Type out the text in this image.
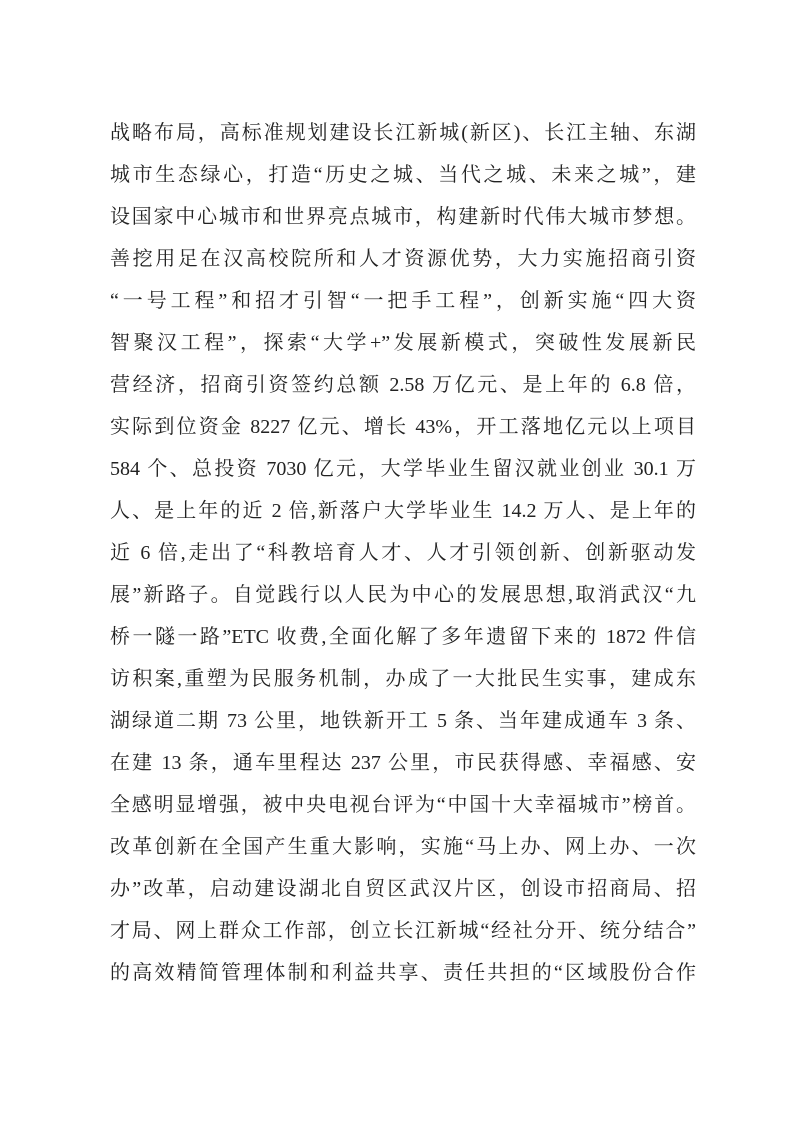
战略布局，高标准规划建设长江新城(新区)、长江主轴、东湖
城市生态绿心，打造“历史之城、当代之城、未来之城”，建
设国家中心城市和世界亮点城市，构建新时代伟大城市梦想。
善挖用足在汉高校院所和人才资源优势，大力实施招商引资
“一号工程”和招才引智“一把手工程”，创新实施“四大资
智聚汉工程”，探索“大学+”发展新模式，突破性发展新民
营经济，招商引资签约总额 2.58 万亿元、是上年的 6.8 倍，
实际到位资金 8227 亿元、增长 43%，开工落地亿元以上项目
584 个、总投资 7030 亿元，大学毕业生留汉就业创业 30.1 万
人、是上年的近 2 倍,新落户大学毕业生 14.2 万人、是上年的
近 6 倍,走出了“科教培育人才、人才引领创新、创新驱动发
展”新路子。自觉践行以人民为中心的发展思想,取消武汉“九
桥一隧一路”ETC 收费,全面化解了多年遗留下来的 1872 件信
访积案,重塑为民服务机制，办成了一大批民生实事，建成东
湖绿道二期 73 公里，地铁新开工 5 条、当年建成通车 3 条、
在建 13 条，通车里程达 237 公里，市民获得感、幸福感、安
全感明显增强，被中央电视台评为“中国十大幸福城市”榜首。
改革创新在全国产生重大影响，实施“马上办、网上办、一次
办”改革，启动建设湖北自贸区武汉片区，创设市招商局、招
才局、网上群众工作部，创立长江新城“经社分开、统分结合”
的高效精简管理体制和利益共享、责任共担的“区域股份合作
